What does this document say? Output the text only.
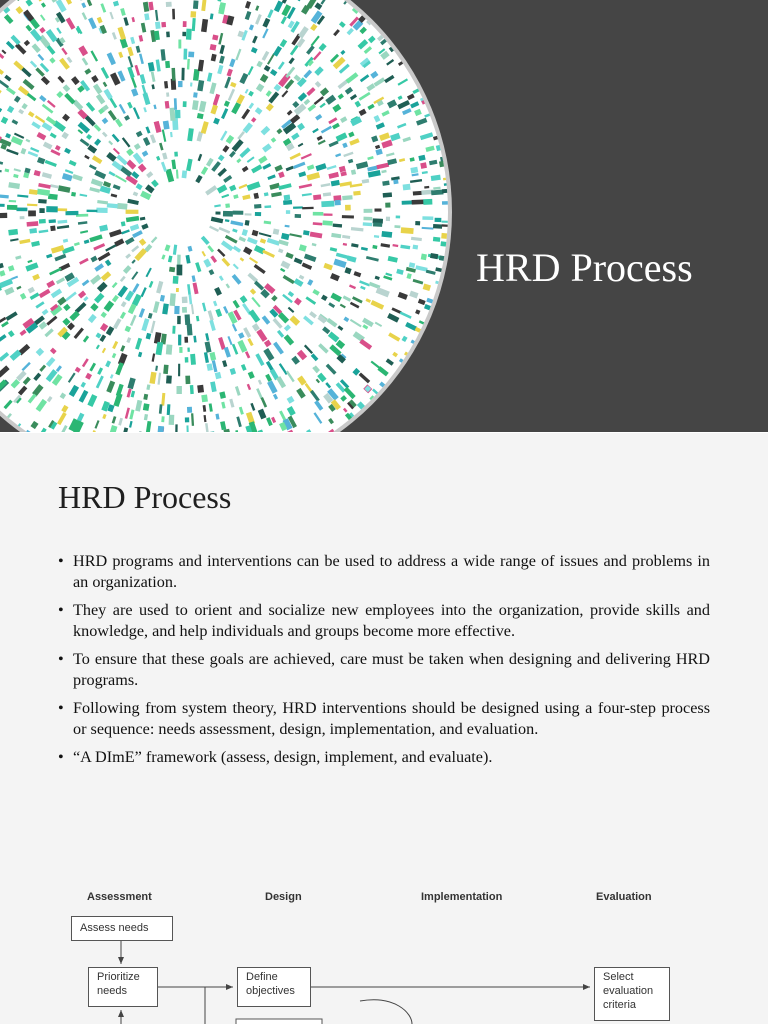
HRD Process
HRD Process
• HRD programs and interventions can be used to address a wide range of issues and problems in an organization.
• They are used to orient and socialize new employees into the organization, provide skills and knowledge, and help individuals and groups become more effective.
• To ensure that these goals are achieved, care must be taken when designing and delivering HRD programs.
• Following from system theory, HRD interventions should be designed using a four-step process or sequence: needs assessment, design, implementation, and evaluation.
• “A DImE” framework (assess, design, implement, and evaluate).
Assessment	Design	Implementation	Evaluation
Assess needs
Prioritize needs
Define objectives
Select evaluation criteria
